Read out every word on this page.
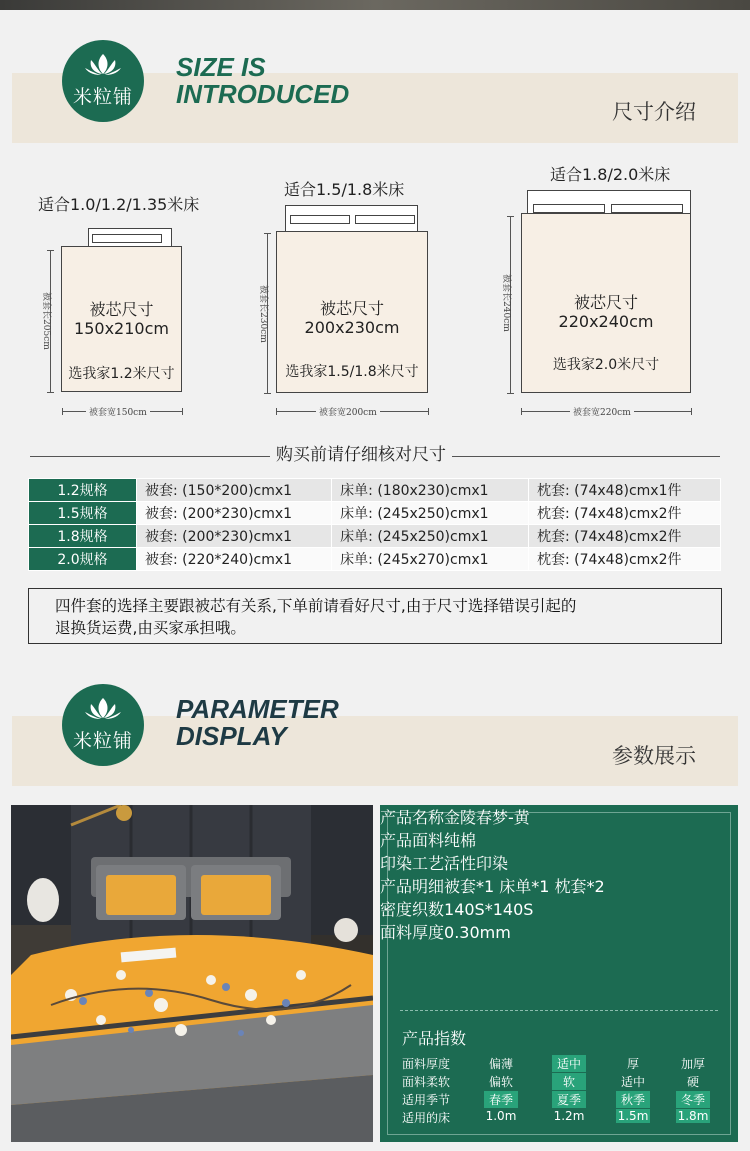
米粒铺
SIZE IS
INTRODUCED
尺寸介绍
适合1.0/1.2/1.35米床
被芯尺寸
150x210cm
选我家1.2米尺寸
被套长205cm
被套宽150cm
适合1.5/1.8米床
被芯尺寸
200x230cm
选我家1.5/1.8米尺寸
被套长230cm
被套宽200cm
适合1.8/2.0米床
被芯尺寸
220x240cm
选我家2.0米尺寸
被套长240cm
被套宽220cm
购买前请仔细核对尺寸
1.2规格	被套: (150*200)cmx1	床单: (180x230)cmx1	枕套: (74x48)cmx1件
1.5规格	被套: (200*230)cmx1	床单: (245x250)cmx1	枕套: (74x48)cmx2件
1.8规格	被套: (200*230)cmx1	床单: (245x250)cmx1	枕套: (74x48)cmx2件
2.0规格	被套: (220*240)cmx1	床单: (245x270)cmx1	枕套: (74x48)cmx2件
四件套的选择主要跟被芯有关系,下单前请看好尺寸,由于尺寸选择错误引起的
退换货运费,由买家承担哦。
米粒铺
PARAMETER
DISPLAY
参数展示
产品名称金陵春梦-黄
产品面料纯棉
印染工艺活性印染
产品明细被套*1 床单*1 枕套*2
密度织数140S*140S
面料厚度0.30mm
产品指数
面料厚度	偏薄	适中	厚	加厚
面料柔软	偏软	软	适中	硬
适用季节	春季	夏季	秋季	冬季
适用的床	1.0m	1.2m	1.5m 1.8m
